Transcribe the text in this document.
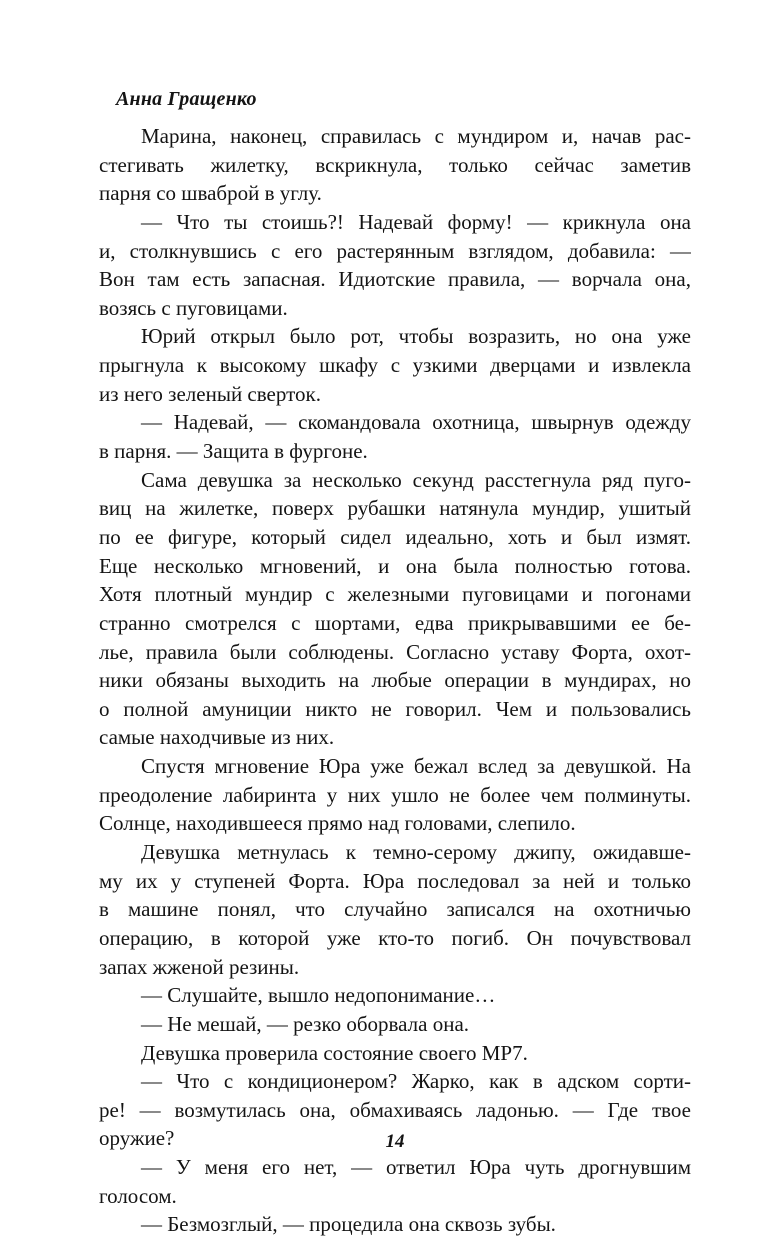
Анна Гращенко
Марина, наконец, справилась с мундиром и, начав рас-
стегивать жилетку, вскрикнула, только сейчас заметив
парня со шваброй в углу.
— Что ты стоишь?! Надевай форму! — крикнула она
и, столкнувшись с его растерянным взглядом, добавила: —
Вон там есть запасная. Идиотские правила, — ворчала она,
возясь с пуговицами.
Юрий открыл было рот, чтобы возразить, но она уже
прыгнула к высокому шкафу с узкими дверцами и извлекла
из него зеленый сверток.
— Надевай, — скомандовала охотница, швырнув одежду
в парня. — Защита в фургоне.
Сама девушка за несколько секунд расстегнула ряд пуго-
виц на жилетке, поверх рубашки натянула мундир, ушитый
по ее фигуре, который сидел идеально, хоть и был измят.
Еще несколько мгновений, и она была полностью готова.
Хотя плотный мундир с железными пуговицами и погонами
странно смотрелся с шортами, едва прикрывавшими ее бе-
лье, правила были соблюдены. Согласно уставу Форта, охот-
ники обязаны выходить на любые операции в мундирах, но
о полной амуниции никто не говорил. Чем и пользовались
самые находчивые из них.
Спустя мгновение Юра уже бежал вслед за девушкой. На
преодоление лабиринта у них ушло не более чем полминуты.
Солнце, находившееся прямо над головами, слепило.
Девушка метнулась к темно-серому джипу, ожидавше-
му их у ступеней Форта. Юра последовал за ней и только
в машине понял, что случайно записался на охотничью
операцию, в которой уже кто-то погиб. Он почувствовал
запах жженой резины.
— Слушайте, вышло недопонимание…
— Не мешай, — резко оборвала она.
Девушка проверила состояние своего МР7.
— Что с кондиционером? Жарко, как в адском сорти-
ре! — возмутилась она, обмахиваясь ладонью. — Где твое
оружие?
— У меня его нет, — ответил Юра чуть дрогнувшим
голосом.
— Безмозглый, — процедила она сквозь зубы.
14
